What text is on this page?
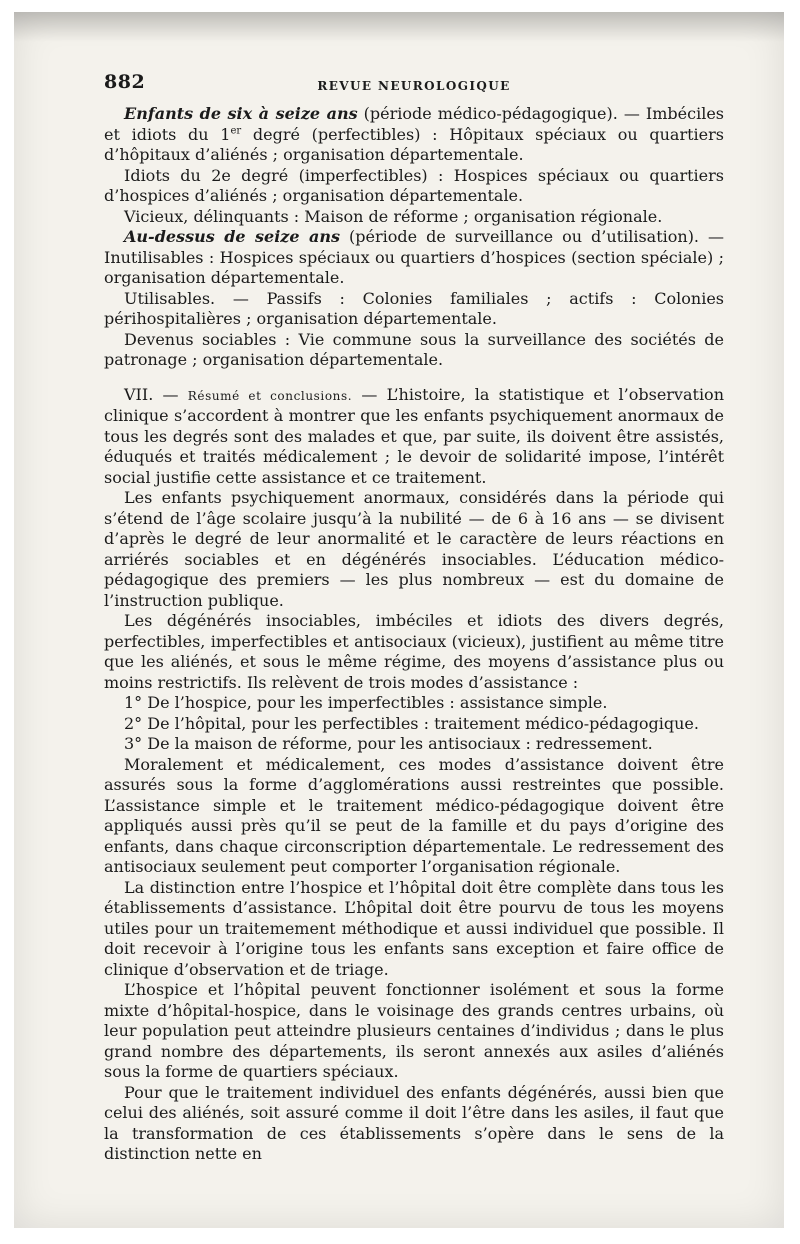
882	REVUE NEUROLOGIQUE

Enfants de six à seize ans (période médico-pédagogique). — Imbéciles et idiots du 1er degré (perfectibles) : Hôpitaux spéciaux ou quartiers d’hôpitaux d’aliénés ; organisation départementale.

Idiots du 2e degré (imperfectibles) : Hospices spéciaux ou quartiers d’hospices d’aliénés ; organisation départementale.

Vicieux, délinquants : Maison de réforme ; organisation régionale.

Au-dessus de seize ans (période de surveillance ou d’utilisation). — Inutilisables : Hospices spéciaux ou quartiers d’hospices (section spéciale) ; organisation départementale.

Utilisables. — Passifs : Colonies familiales ; actifs : Colonies périhospitalières ; organisation départementale.

Devenus sociables : Vie commune sous la surveillance des sociétés de patronage ; organisation départementale.

VII. — Résumé et conclusions. — L’histoire, la statistique et l’observation clinique s’accordent à montrer que les enfants psychiquement anormaux de tous les degrés sont des malades et que, par suite, ils doivent être assistés, éduqués et traités médicalement ; le devoir de solidarité impose, l’intérêt social justifie cette assistance et ce traitement.

Les enfants psychiquement anormaux, considérés dans la période qui s’étend de l’âge scolaire jusqu’à la nubilité — de 6 à 16 ans — se divisent d’après le degré de leur anormalité et le caractère de leurs réactions en arriérés sociables et en dégénérés insociables. L’éducation médico-pédagogique des premiers — les plus nombreux — est du domaine de l’instruction publique.

Les dégénérés insociables, imbéciles et idiots des divers degrés, perfectibles, imperfectibles et antisociaux (vicieux), justifient au même titre que les aliénés, et sous le même régime, des moyens d’assistance plus ou moins restrictifs. Ils relèvent de trois modes d’assistance :

1° De l’hospice, pour les imperfectibles : assistance simple.

2° De l’hôpital, pour les perfectibles : traitement médico-pédagogique.

3° De la maison de réforme, pour les antisociaux : redressement.

Moralement et médicalement, ces modes d’assistance doivent être assurés sous la forme d’agglomérations aussi restreintes que possible. L’assistance simple et le traitement médico-pédagogique doivent être appliqués aussi près qu’il se peut de la famille et du pays d’origine des enfants, dans chaque circonscription départementale. Le redressement des antisociaux seulement peut comporter l’organisation régionale.

La distinction entre l’hospice et l’hôpital doit être complète dans tous les établissements d’assistance. L’hôpital doit être pourvu de tous les moyens utiles pour un traitemement méthodique et aussi individuel que possible. Il doit recevoir à l’origine tous les enfants sans exception et faire office de clinique d’observation et de triage.

L’hospice et l’hôpital peuvent fonctionner isolément et sous la forme mixte d’hôpital-hospice, dans le voisinage des grands centres urbains, où leur population peut atteindre plusieurs centaines d’individus ; dans le plus grand nombre des départements, ils seront annexés aux asiles d’aliénés sous la forme de quartiers spéciaux.

Pour que le traitement individuel des enfants dégénérés, aussi bien que celui des aliénés, soit assuré comme il doit l’être dans les asiles, il faut que la transformation de ces établissements s’opère dans le sens de la distinction nette en
